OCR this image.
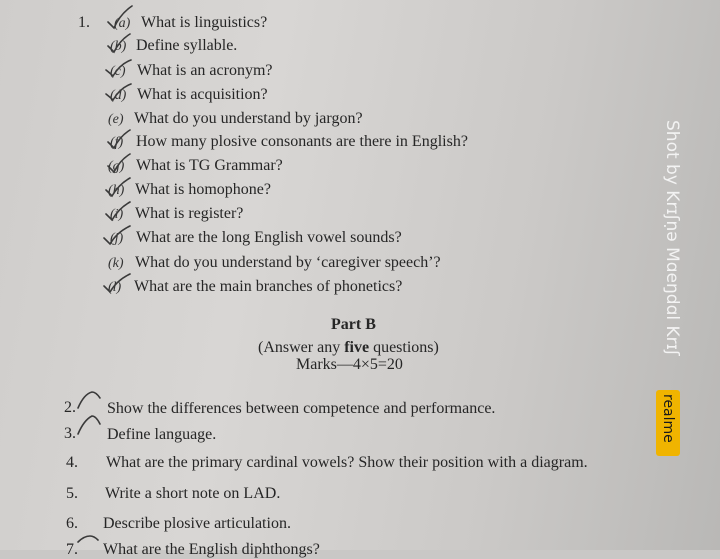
1. (a) What is linguistics?
(b) Define syllable.
(c) What is an acronym?
(d) What is acquisition?
(e) What do you understand by jargon?
(f) How many plosive consonants are there in English?
(g) What is TG Grammar?
(h) What is homophone?
(i) What is register?
(j) What are the long English vowel sounds?
(k) What do you understand by ‘caregiver speech’?
(l) What are the main branches of phonetics?
Part B
(Answer any five questions)
Marks—4×5=20
2. Show the differences between competence and performance.
3. Define language.
4. What are the primary cardinal vowels? Show their position with a diagram.
5. Write a short note on LAD.
6. Describe plosive articulation.
7. What are the English diphthongs?
Shot by Krɪʃṇə Mɑeŋdɑl Krɪʃ
realme
